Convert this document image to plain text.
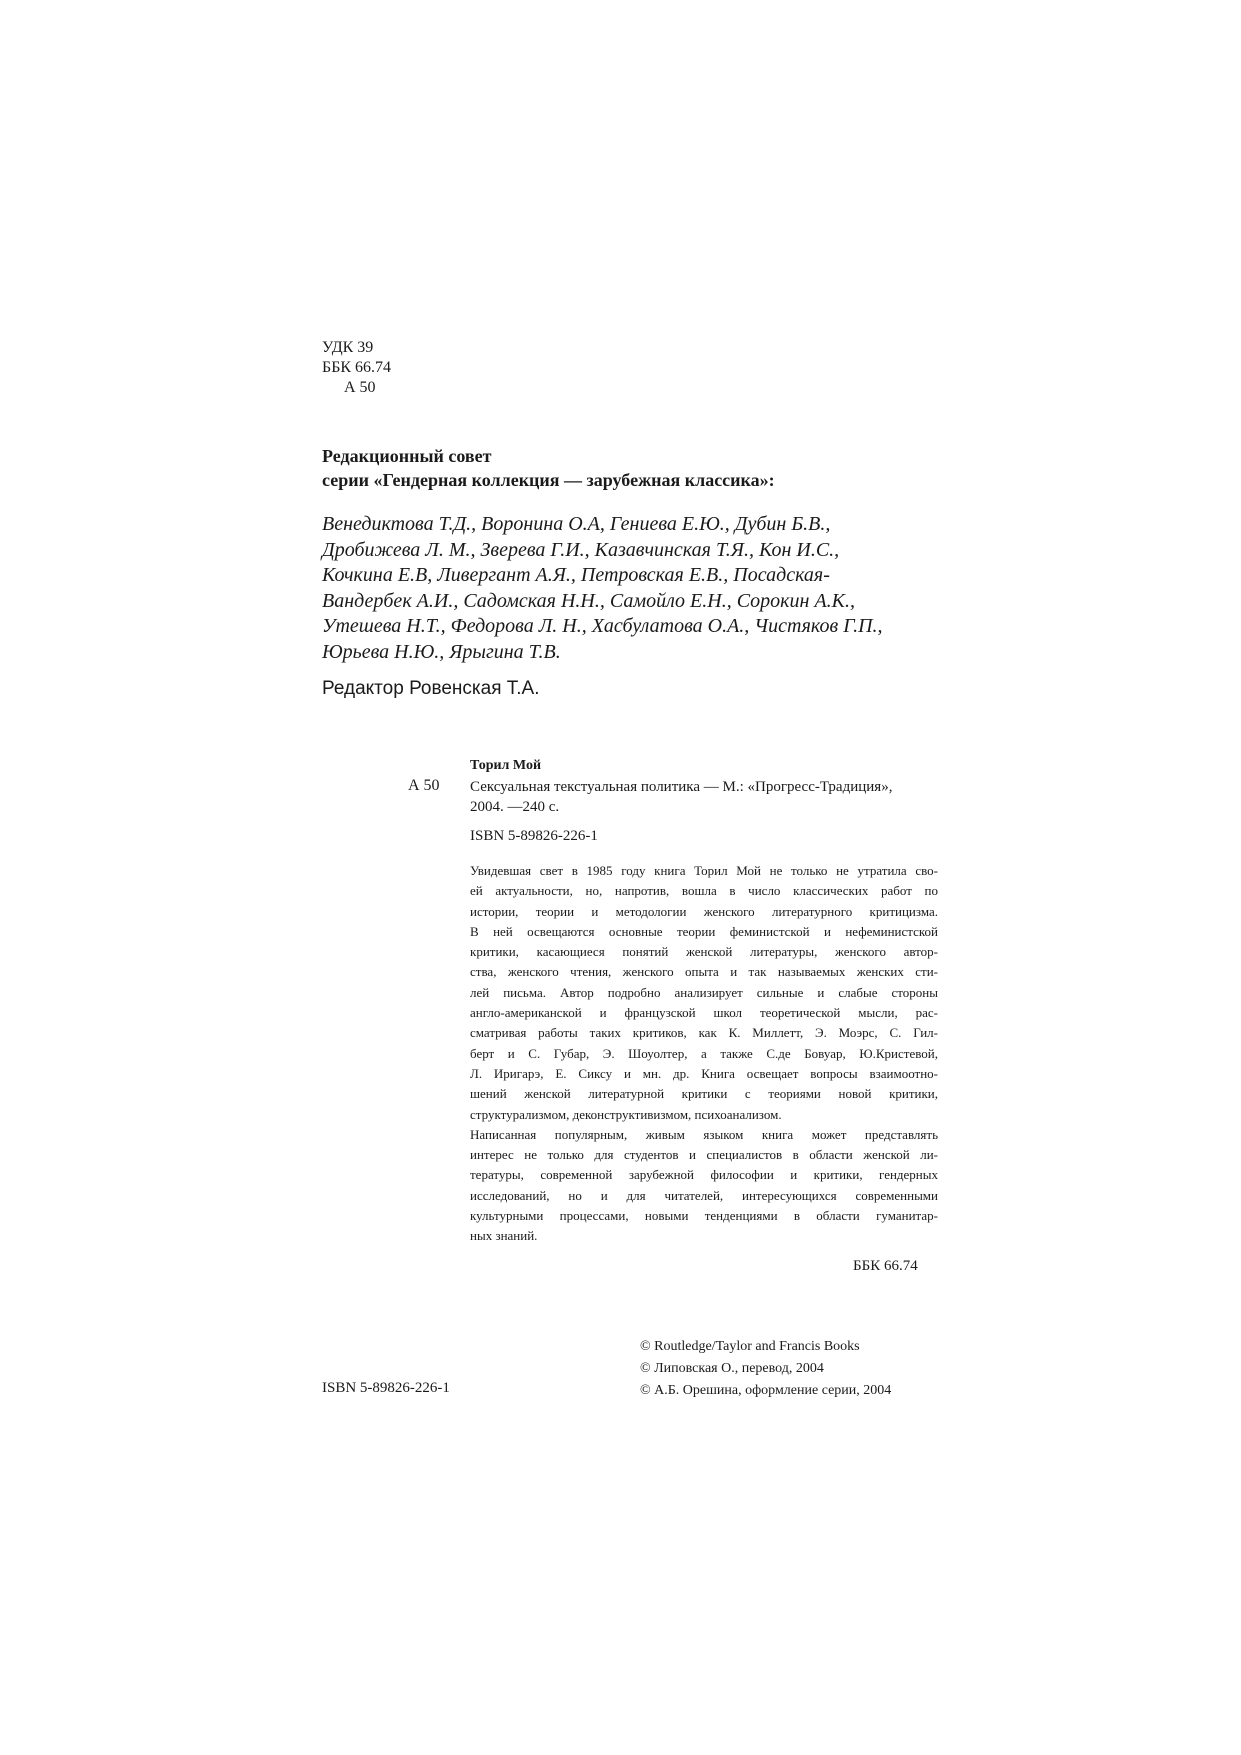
УДК 39
ББК 66.74
А 50
Редакционный совет
серии «Гендерная коллекция — зарубежная классика»:
Венедиктова Т.Д., Воронина О.А, Гениева Е.Ю., Дубин Б.В.,
Дробижева Л. М., Зверева Г.И., Казавчинская Т.Я., Кон И.С.,
Кочкина Е.В, Ливергант А.Я., Петровская Е.В., Посадская-
Вандербек А.И., Садомская Н.Н., Самойло Е.Н., Сорокин А.К.,
Утешева Н.Т., Федорова Л. Н., Хасбулатова О.А., Чистяков Г.П.,
Юрьева Н.Ю., Ярыгина Т.В.
Редактор Ровенская Т.А.
Торил Мой
А 50 Сексуальная текстуальная политика — М.: «Прогресс-Традиция»,
2004. —240 с.
ISBN 5-89826-226-1
Увидевшая свет в 1985 году книга Торил Мой не только не утратила сво-
ей актуальности, но, напротив, вошла в число классических работ по
истории, теории и методологии женского литературного критицизма.
В ней освещаются основные теории феминистской и нефеминистской
критики, касающиеся понятий женской литературы, женского автор-
ства, женского чтения, женского опыта и так называемых женских сти-
лей письма. Автор подробно анализирует сильные и слабые стороны
англо-американской и французской школ теоретической мысли, рас-
сматривая работы таких критиков, как К. Миллетт, Э. Моэрс, С. Гил-
берт и С. Губар, Э. Шоуолтер, а также С.де Бовуар, Ю.Кристевой,
Л. Иригарэ, Е. Сиксу и мн. др. Книга освещает вопросы взаимоотно-
шений женской литературной критики с теориями новой критики,
структурализмом, деконструктивизмом, психоанализом.
Написанная популярным, живым языком книга может представлять
интерес не только для студентов и специалистов в области женской ли-
тературы, современной зарубежной философии и критики, гендерных
исследований, но и для читателей, интересующихся современными
культурными процессами, новыми тенденциями в области гуманитар-
ных знаний.
ББК 66.74
© Routledge/Taylor and Francis Books
© Липовская О., перевод, 2004
© А.Б. Орешина, оформление серии, 2004
ISBN 5-89826-226-1
